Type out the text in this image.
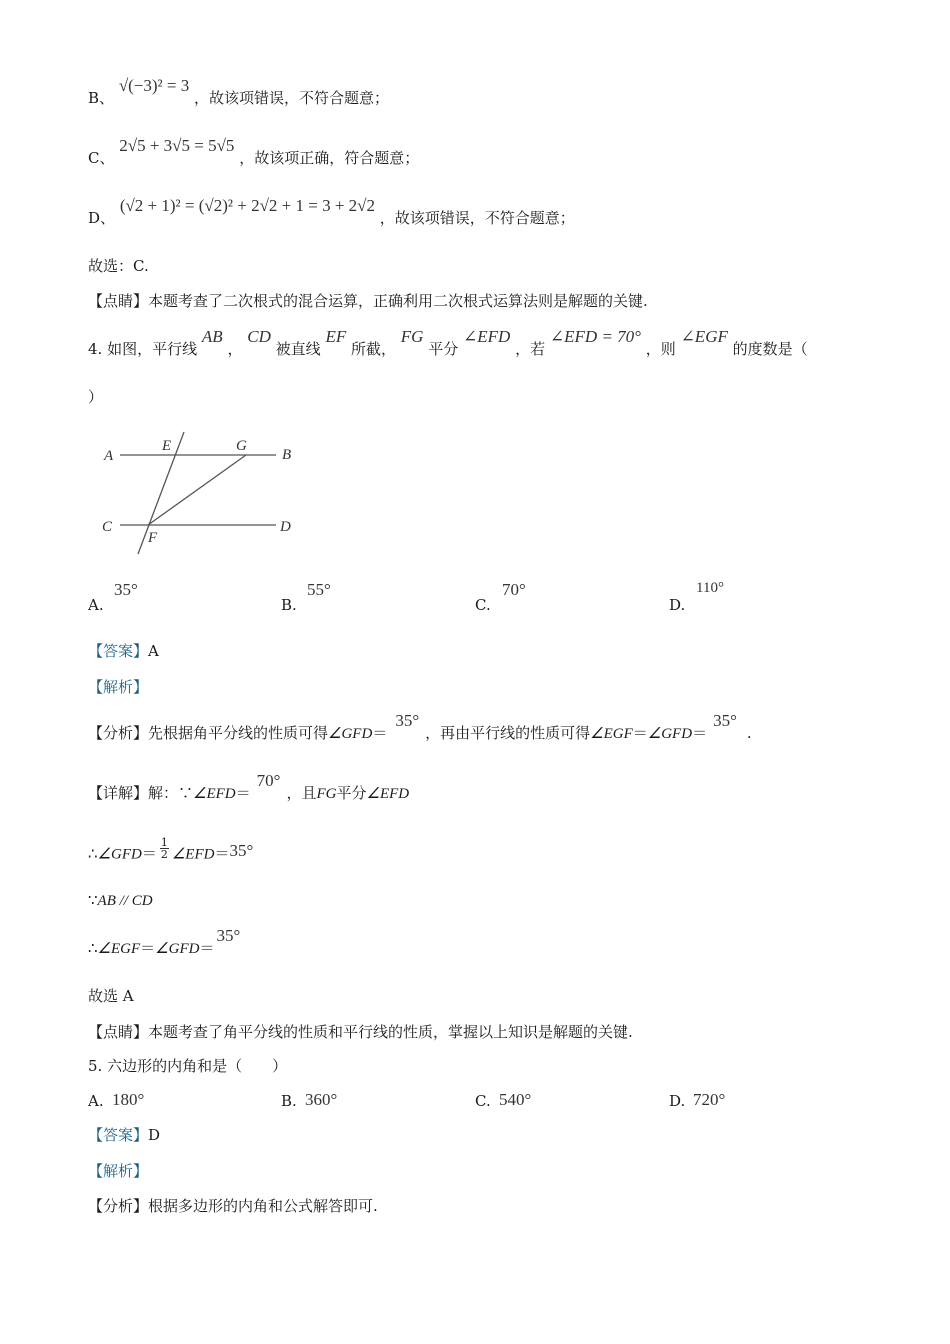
B、 √(−3)² = 3 ，故该项错误，不符合题意；
C、 2√5 + 3√5 = 5√5 ，故该项正确，符合题意；
D、 (√2 + 1)² = (√2)² + 2√2 + 1 = 3 + 2√2 ，故该项错误，不符合题意；
故选：C.
【点睛】本题考查了二次根式的混合运算，正确利用二次根式运算法则是解题的关键.
4. 如图，平行线 AB ， CD 被直线 EF 所截， FG 平分 ∠EFD ，若 ∠EFD = 70° ，则 ∠EGF 的度数是（
）
A
E	G
B
C
F
D
A.
35°
B.
55°
C.
70°
D.
110°
【答案】A
【解析】
【分析】先根据角平分线的性质可得∠GFD＝35°，再由平行线的性质可得∠EGF＝∠GFD＝35°.
【详解】解：∵∠EFD＝70°，且FG平分∠EFD
∴∠GFD＝ $\frac{1}{2}$ ∠EFD＝35°
∵AB // CD
∴∠EGF＝∠GFD＝35°
故选 A
【点睛】本题考查了角平分线的性质和平行线的性质，掌握以上知识是解题的关键.
5. 六边形的内角和是（　　）
A. 180°	B. 360°	C. 540°	D. 720°
【答案】D
【解析】
【分析】根据多边形的内角和公式解答即可.
